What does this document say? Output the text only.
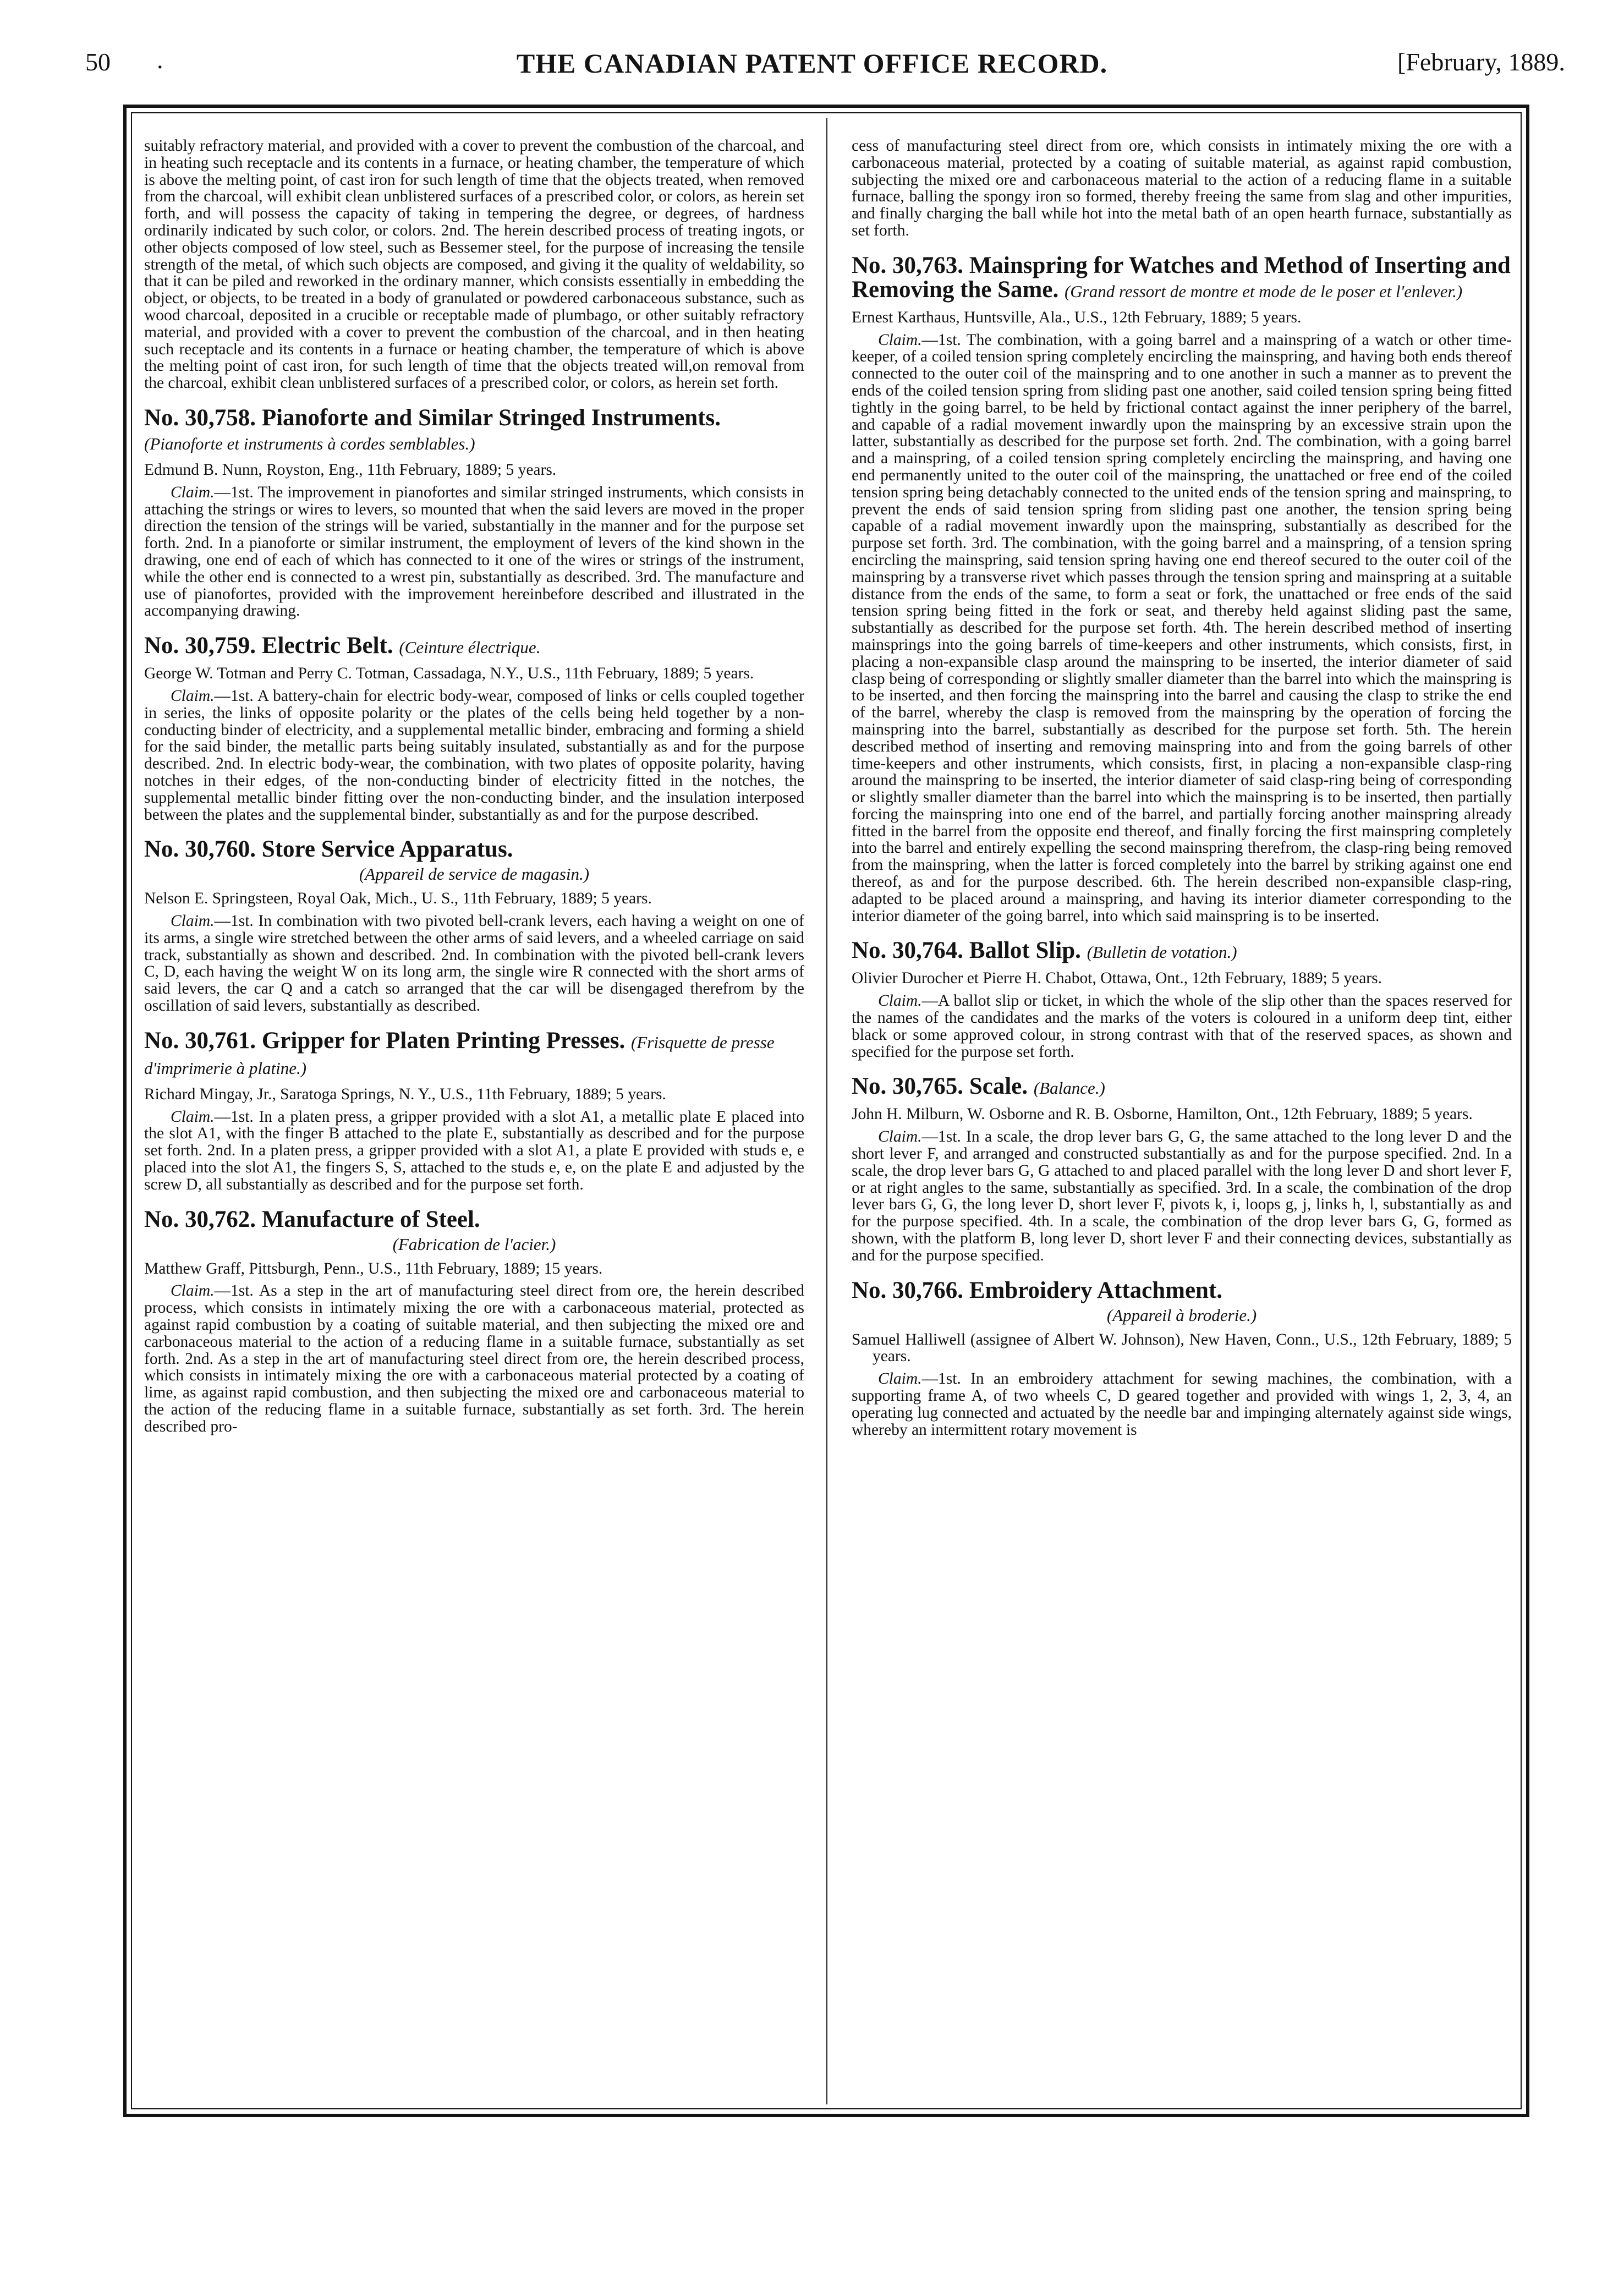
50 .	THE CANADIAN PATENT OFFICE RECORD.	[February, 1889.

suitably refractory material, and provided with a cover to prevent the combustion of the charcoal, and in heating such receptacle and its contents in a furnace, or heating chamber, the temperature of which is above the melting point, of cast iron for such length of time that the objects treated, when removed from the charcoal, will exhibit clean unblistered surfaces of a prescribed color, or colors, as herein set forth, and will possess the capacity of taking in tempering the degree, or degrees, of hardness ordinarily indicated by such color, or colors. 2nd. The herein described process of treating ingots, or other objects composed of low steel, such as Bessemer steel, for the purpose of increasing the tensile strength of the metal, of which such objects are composed, and giving it the quality of weldability, so that it can be piled and reworked in the ordinary manner, which consists essentially in embedding the object, or objects, to be treated in a body of granulated or powdered carbonaceous substance, such as wood charcoal, deposited in a crucible or receptable made of plumbago, or other suitably refractory material, and provided with a cover to prevent the combustion of the charcoal, and in then heating such receptacle and its contents in a furnace or heating chamber, the temperature of which is above the melting point of cast iron, for such length of time that the objects treated will,on removal from the charcoal, exhibit clean unblistered surfaces of a prescribed color, or colors, as herein set forth.

No. 30,758. Pianoforte and Similar Stringed Instruments. (Pianoforte et instruments à cordes semblables.)

Edmund B. Nunn, Royston, Eng., 11th February, 1889; 5 years.

Claim.—1st. The improvement in pianofortes and similar stringed instruments, which consists in attaching the strings or wires to levers, so mounted that when the said levers are moved in the proper direction the tension of the strings will be varied, substantially in the manner and for the purpose set forth. 2nd. In a pianoforte or similar instrument, the employment of levers of the kind shown in the drawing, one end of each of which has connected to it one of the wires or strings of the instrument, while the other end is connected to a wrest pin, substantially as described. 3rd. The manufacture and use of pianofortes, provided with the improvement hereinbefore described and illustrated in the accompanying drawing.

No. 30,759. Electric Belt. (Ceinture électrique.

George W. Totman and Perry C. Totman, Cassadaga, N.Y., U.S., 11th February, 1889; 5 years.

Claim.—1st. A battery-chain for electric body-wear, composed of links or cells coupled together in series, the links of opposite polarity or the plates of the cells being held together by a non-conducting binder of electricity, and a supplemental metallic binder, embracing and forming a shield for the said binder, the metallic parts being suitably insulated, substantially as and for the purpose described. 2nd. In electric body-wear, the combination, with two plates of opposite polarity, having notches in their edges, of the non-conducting binder of electricity fitted in the notches, the supplemental metallic binder fitting over the non-conducting binder, and the insulation interposed between the plates and the supplemental binder, substantially as and for the purpose described.

No. 30,760. Store Service Apparatus.
(Appareil de service de magasin.)

Nelson E. Springsteen, Royal Oak, Mich., U. S., 11th February, 1889; 5 years.

Claim.—1st. In combination with two pivoted bell-crank levers, each having a weight on one of its arms, a single wire stretched between the other arms of said levers, and a wheeled carriage on said track, substantially as shown and described. 2nd. In combination with the pivoted bell-crank levers C, D, each having the weight W on its long arm, the single wire R connected with the short arms of said levers, the car Q and a catch so arranged that the car will be disengaged therefrom by the oscillation of said levers, substantially as described.

No. 30,761. Gripper for Platen Printing Presses. (Frisquette de presse d'imprimerie à platine.)

Richard Mingay, Jr., Saratoga Springs, N. Y., U.S., 11th February, 1889; 5 years.

Claim.—1st. In a platen press, a gripper provided with a slot A1, a metallic plate E placed into the slot A1, with the finger B attached to the plate E, substantially as described and for the purpose set forth. 2nd. In a platen press, a gripper provided with a slot A1, a plate E provided with studs e, e placed into the slot A1, the fingers S, S, attached to the studs e, e, on the plate E and adjusted by the screw D, all substantially as described and for the purpose set forth.

No. 30,762. Manufacture of Steel.
(Fabrication de l'acier.)

Matthew Graff, Pittsburgh, Penn., U.S., 11th February, 1889; 15 years.

Claim.—1st. As a step in the art of manufacturing steel direct from ore, the herein described process, which consists in intimately mixing the ore with a carbonaceous material, protected as against rapid combustion by a coating of suitable material, and then subjecting the mixed ore and carbonaceous material to the action of a reducing flame in a suitable furnace, substantially as set forth. 2nd. As a step in the art of manufacturing steel direct from ore, the herein described process, which consists in intimately mixing the ore with a carbonaceous material protected by a coating of lime, as against rapid combustion, and then subjecting the mixed ore and carbonaceous material to the action of the reducing flame in a suitable furnace, substantially as set forth. 3rd. The herein described pro-

cess of manufacturing steel direct from ore, which consists in intimately mixing the ore with a carbonaceous material, protected by a coating of suitable material, as against rapid combustion, subjecting the mixed ore and carbonaceous material to the action of a reducing flame in a suitable furnace, balling the spongy iron so formed, thereby freeing the same from slag and other impurities, and finally charging the ball while hot into the metal bath of an open hearth furnace, substantially as set forth.

No. 30,763. Mainspring for Watches and Method of Inserting and Removing the Same. (Grand ressort de montre et mode de le poser et l'enlever.)

Ernest Karthaus, Huntsville, Ala., U.S., 12th February, 1889; 5 years.

Claim.—1st. The combination, with a going barrel and a mainspring of a watch or other time-keeper, of a coiled tension spring completely encircling the mainspring, and having both ends thereof connected to the outer coil of the mainspring and to one another in such a manner as to prevent the ends of the coiled tension spring from sliding past one another, said coiled tension spring being fitted tightly in the going barrel, to be held by frictional contact against the inner periphery of the barrel, and capable of a radial movement inwardly upon the mainspring by an excessive strain upon the latter, substantially as described for the purpose set forth. 2nd. The combination, with a going barrel and a mainspring, of a coiled tension spring completely encircling the mainspring, and having one end permanently united to the outer coil of the mainspring, the unattached or free end of the coiled tension spring being detachably connected to the united ends of the tension spring and mainspring, to prevent the ends of said tension spring from sliding past one another, the tension spring being capable of a radial movement inwardly upon the mainspring, substantially as described for the purpose set forth. 3rd. The combination, with the going barrel and a mainspring, of a tension spring encircling the mainspring, said tension spring having one end thereof secured to the outer coil of the mainspring by a transverse rivet which passes through the tension spring and mainspring at a suitable distance from the ends of the same, to form a seat or fork, the unattached or free ends of the said tension spring being fitted in the fork or seat, and thereby held against sliding past the same, substantially as described for the purpose set forth. 4th. The herein described method of inserting mainsprings into the going barrels of time-keepers and other instruments, which consists, first, in placing a non-expansible clasp around the mainspring to be inserted, the interior diameter of said clasp being of corresponding or slightly smaller diameter than the barrel into which the mainspring is to be inserted, and then forcing the mainspring into the barrel and causing the clasp to strike the end of the barrel, whereby the clasp is removed from the mainspring by the operation of forcing the mainspring into the barrel, substantially as described for the purpose set forth. 5th. The herein described method of inserting and removing mainspring into and from the going barrels of other time-keepers and other instruments, which consists, first, in placing a non-expansible clasp-ring around the mainspring to be inserted, the interior diameter of said clasp-ring being of corresponding or slightly smaller diameter than the barrel into which the mainspring is to be inserted, then partially forcing the mainspring into one end of the barrel, and partially forcing another mainspring already fitted in the barrel from the opposite end thereof, and finally forcing the first mainspring completely into the barrel and entirely expelling the second mainspring therefrom, the clasp-ring being removed from the mainspring, when the latter is forced completely into the barrel by striking against one end thereof, as and for the purpose described. 6th. The herein described non-expansible clasp-ring, adapted to be placed around a mainspring, and having its interior diameter corresponding to the interior diameter of the going barrel, into which said mainspring is to be inserted.

No. 30,764. Ballot Slip. (Bulletin de votation.)

Olivier Durocher et Pierre H. Chabot, Ottawa, Ont., 12th February, 1889; 5 years.

Claim.—A ballot slip or ticket, in which the whole of the slip other than the spaces reserved for the names of the candidates and the marks of the voters is coloured in a uniform deep tint, either black or some approved colour, in strong contrast with that of the reserved spaces, as shown and specified for the purpose set forth.

No. 30,765. Scale. (Balance.)

John H. Milburn, W. Osborne and R. B. Osborne, Hamilton, Ont., 12th February, 1889; 5 years.

Claim.—1st. In a scale, the drop lever bars G, G, the same attached to the long lever D and the short lever F, and arranged and constructed substantially as and for the purpose specified. 2nd. In a scale, the drop lever bars G, G attached to and placed parallel with the long lever D and short lever F, or at right angles to the same, substantially as specified. 3rd. In a scale, the combination of the drop lever bars G, G, the long lever D, short lever F, pivots k, i, loops g, j, links h, l, substantially as and for the purpose specified. 4th. In a scale, the combination of the drop lever bars G, G, formed as shown, with the platform B, long lever D, short lever F and their connecting devices, substantially as and for the purpose specified.

No. 30,766. Embroidery Attachment.
(Appareil à broderie.)

Samuel Halliwell (assignee of Albert W. Johnson), New Haven, Conn., U.S., 12th February, 1889; 5 years.

Claim.—1st. In an embroidery attachment for sewing machines, the combination, with a supporting frame A, of two wheels C, D geared together and provided with wings 1, 2, 3, 4, an operating lug connected and actuated by the needle bar and impinging alternately against side wings, whereby an intermittent rotary movement is
